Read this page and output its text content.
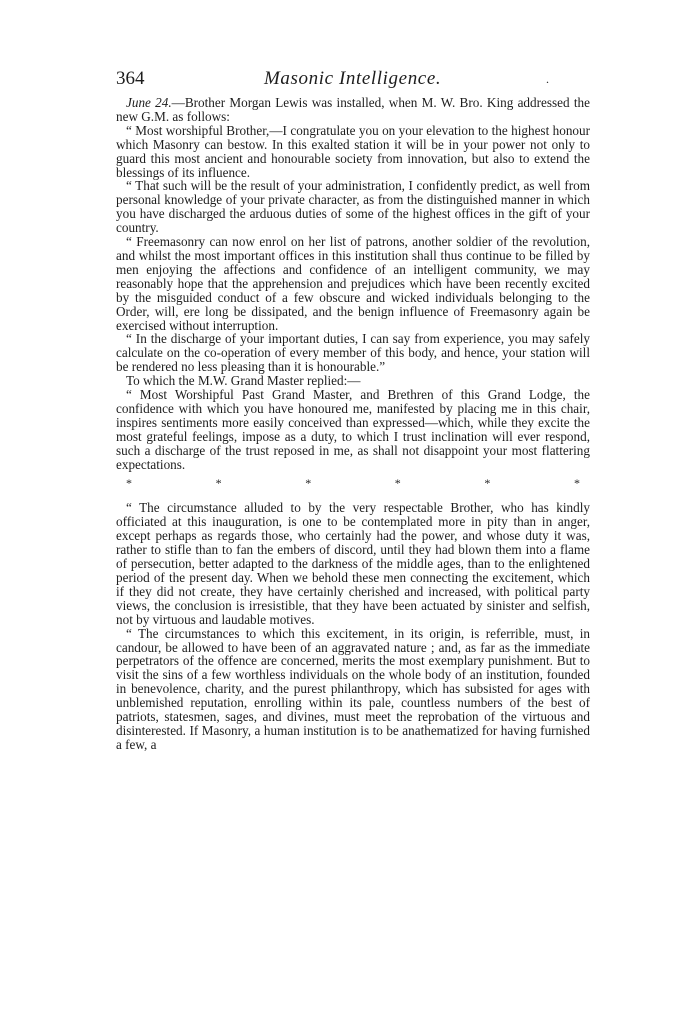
364	Masonic Intelligence.	.

June 24.—Brother Morgan Lewis was installed, when M. W. Bro. King addressed the new G.M. as follows:

“ Most worshipful Brother,—I congratulate you on your elevation to the highest honour which Masonry can bestow. In this exalted station it will be in your power not only to guard this most ancient and honourable society from innovation, but also to extend the blessings of its influence.

“ That such will be the result of your administration, I confidently predict, as well from personal knowledge of your private character, as from the distinguished manner in which you have discharged the arduous duties of some of the highest offices in the gift of your country.

“ Freemasonry can now enrol on her list of patrons, another soldier of the revolution, and whilst the most important offices in this institution shall thus continue to be filled by men enjoying the affections and confidence of an intelligent community, we may reasonably hope that the apprehension and prejudices which have been recently excited by the misguided conduct of a few obscure and wicked individuals belonging to the Order, will, ere long be dissipated, and the benign influence of Freemasonry again be exercised without interruption.

“ In the discharge of your important duties, I can say from experience, you may safely calculate on the co-operation of every member of this body, and hence, your station will be rendered no less pleasing than it is honourable.”

To which the M.W. Grand Master replied:—

“ Most Worshipful Past Grand Master, and Brethren of this Grand Lodge, the confidence with which you have honoured me, manifested by placing me in this chair, inspires sentiments more easily conceived than expressed—which, while they excite the most grateful feelings, impose as a duty, to which I trust inclination will ever respond, such a discharge of the trust reposed in me, as shall not disappoint your most flattering expectations.

*	*	*	*	*	*

“ The circumstance alluded to by the very respectable Brother, who has kindly officiated at this inauguration, is one to be contemplated more in pity than in anger, except perhaps as regards those, who certainly had the power, and whose duty it was, rather to stifle than to fan the embers of discord, until they had blown them into a flame of persecution, better adapted to the darkness of the middle ages, than to the enlightened period of the present day. When we behold these men connecting the excitement, which if they did not create, they have certainly cherished and increased, with political party views, the conclusion is irresistible, that they have been actuated by sinister and selfish, not by virtuous and laudable motives.

“ The circumstances to which this excitement, in its origin, is referrible, must, in candour, be allowed to have been of an aggravated nature ; and, as far as the immediate perpetrators of the offence are concerned, merits the most exemplary punishment. But to visit the sins of a few worthless individuals on the whole body of an institution, founded in benevolence, charity, and the purest philanthropy, which has subsisted for ages with unblemished reputation, enrolling within its pale, countless numbers of the best of patriots, statesmen, sages, and divines, must meet the reprobation of the virtuous and disinterested. If Masonry, a human institution is to be anathematized for having furnished a few, a
